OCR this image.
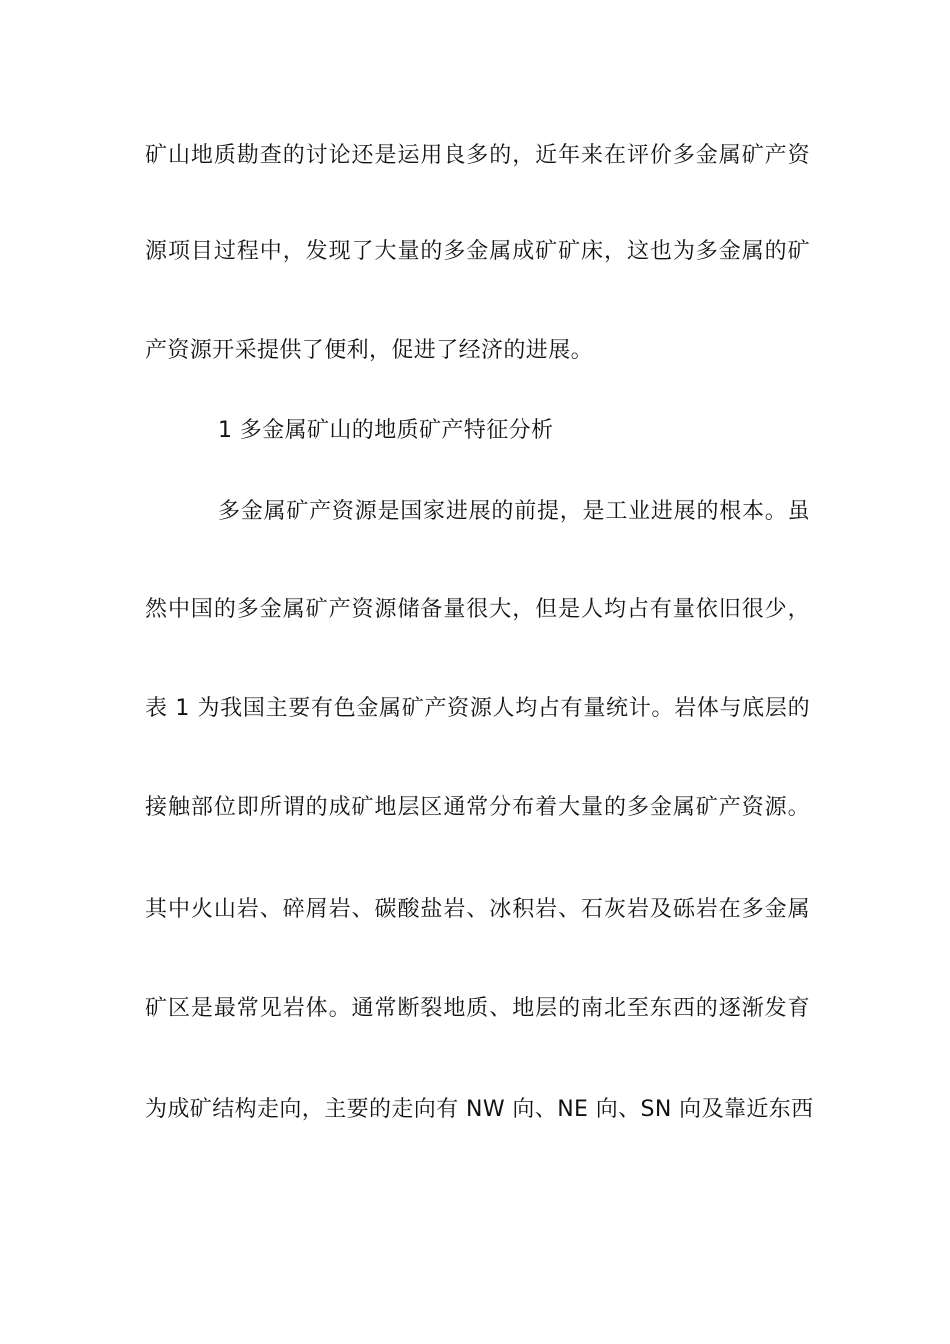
矿山地质勘查的讨论还是运用良多的，近年来在评价多金属矿产资
源项目过程中，发现了大量的多金属成矿矿床，这也为多金属的矿
产资源开采提供了便利，促进了经济的进展。
1 多金属矿山的地质矿产特征分析
多金属矿产资源是国家进展的前提，是工业进展的根本。虽
然中国的多金属矿产资源储备量很大，但是人均占有量依旧很少，
表 1 为我国主要有色金属矿产资源人均占有量统计。岩体与底层的
接触部位即所谓的成矿地层区通常分布着大量的多金属矿产资源。
其中火山岩、碎屑岩、碳酸盐岩、冰积岩、石灰岩及砾岩在多金属
矿区是最常见岩体。通常断裂地质、地层的南北至东西的逐渐发育
为成矿结构走向，主要的走向有 NW 向、NE 向、SN 向及靠近东西
